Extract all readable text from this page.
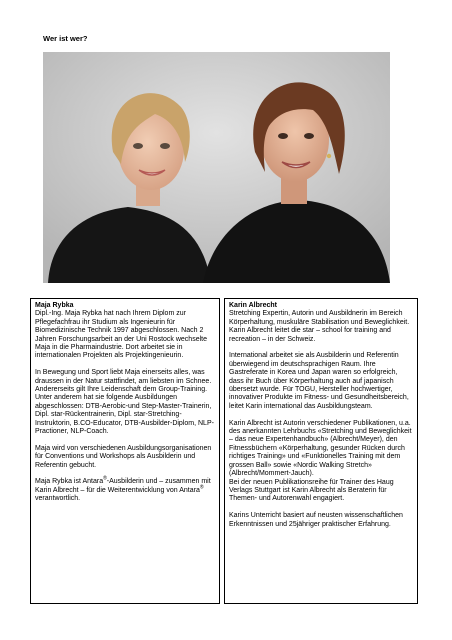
Wer ist wer?

Maja Rybka

Dipl.-Ing. Maja Rybka hat nach Ihrem Diplom zur Pflegefachfrau ihr Studium als Ingenieurin für Biomedizinische Technik 1997 abgeschlossen. Nach 2 Jahren Forschungsarbeit an der Uni Rostock wechselte Maja in die Pharmaindustrie. Dort arbeitet sie in internationalen Projekten als Projektingenieurin.

In Bewegung und Sport liebt Maja einerseits alles, was draussen in der Natur stattfindet, am liebsten im Schnee. Andererseits gilt Ihre Leidenschaft dem Group-Training. Unter anderem hat sie folgende Ausbildungen abgeschlossen: DTB-Aerobic-und Step-Master-Trainerin, Dipl. star-Rückentrainerin, Dipl. star-Stretching-Instruktorin, B.CO-Educator, DTB-Ausbilder-Diplom, NLP-Practioner, NLP-Coach.

Maja wird von verschiedenen Ausbildungsorganisationen für Conventions und Workshops als Ausbilderin und Referentin gebucht.

Maja Rybka ist Antara®-Ausbilderin und – zusammen mit Karin Albrecht – für die Weiterentwicklung von Antara® verantwortlich.

Karin Albrecht

Stretching Expertin, Autorin und Ausbildnerin im Bereich Körperhaltung, muskuläre Stabilisation und Beweglichkeit. Karin Albrecht leitet die star – school for training and recreation – in der Schweiz.

International arbeitet sie als Ausbilderin und Referentin überwiegend im deutschsprachigen Raum. Ihre Gastreferate in Korea und Japan waren so erfolgreich, dass ihr Buch über Körperhaltung auch auf japanisch übersetzt wurde. Für TOGU, Hersteller hochwertiger, innovativer Produkte im Fitness- und Gesundheitsbereich, leitet Karin international das Ausbildungsteam.

Karin Albrecht ist Autorin verschiedener Publikationen, u.a. des anerkannten Lehrbuchs «Stretching und Beweglichkeit – das neue Expertenhandbuch» (Albrecht/Meyer), den Fitnessbüchern «Körperhaltung, gesunder Rücken durch richtiges Training» und «Funktionelles Training mit dem grossen Ball» sowie «Nordic Walking Stretch» (Albrecht/Mommert-Jauch).

Bei der neuen Publikationsreihe für Trainer des Haug Verlags Stuttgart ist Karin Albrecht als Beraterin für Themen- und Autorenwahl engagiert.

Karins Unterricht basiert auf neusten wissenschaftlichen Erkenntnissen und 25jähriger praktischer Erfahrung.
